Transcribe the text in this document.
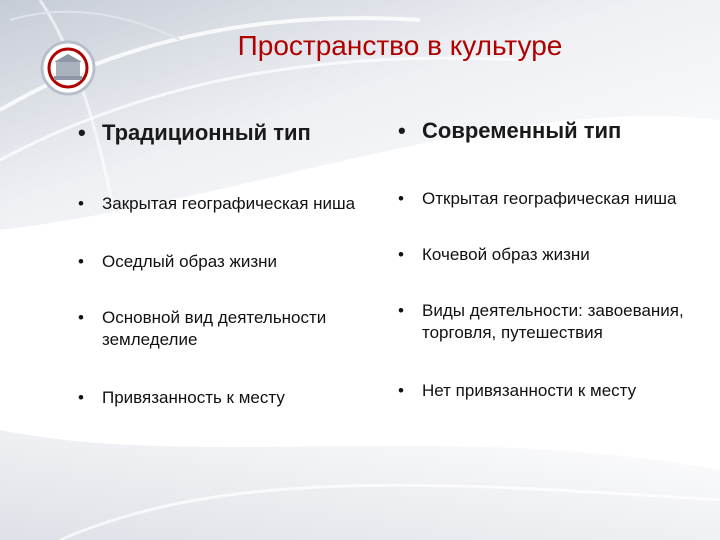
Пространство в культуре
• Традиционный тип
• Закрытая географическая ниша
• Оседлый образ жизни
• Основной вид деятельности земледелие
• Привязанность к месту
• Современный тип
• Открытая географическая ниша
• Кочевой образ жизни
• Виды деятельности: завоевания, торговля, путешествия
• Нет привязанности к месту
